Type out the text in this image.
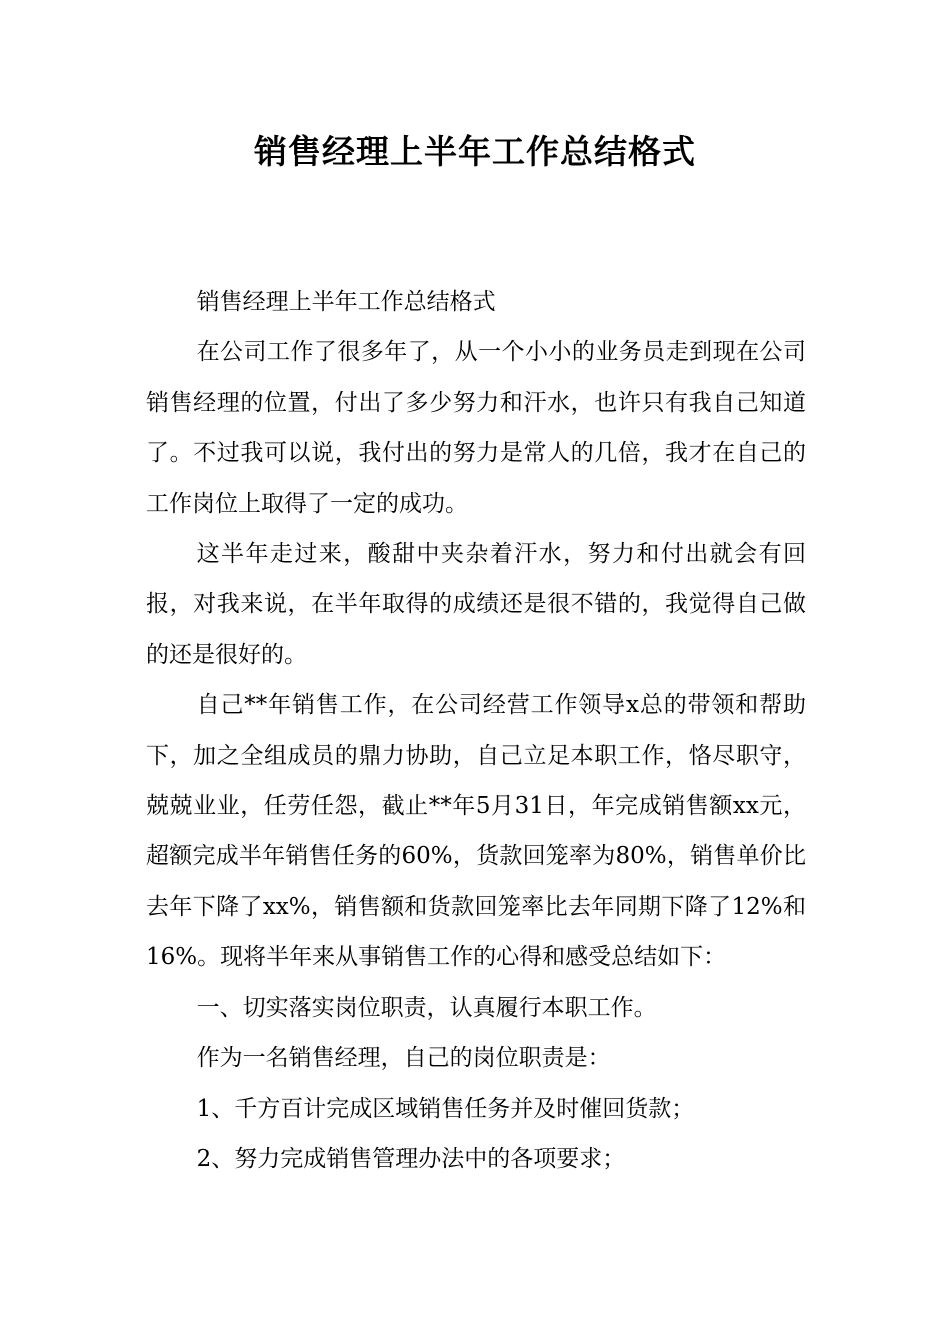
销售经理上半年工作总结格式

销售经理上半年工作总结格式

在公司工作了很多年了，从一个小小的业务员走到现在公司销售经理的位置，付出了多少努力和汗水，也许只有我自己知道了。不过我可以说，我付出的努力是常人的几倍，我才在自己的工作岗位上取得了一定的成功。

这半年走过来，酸甜中夹杂着汗水，努力和付出就会有回报，对我来说，在半年取得的成绩还是很不错的，我觉得自己做的还是很好的。

自己**年销售工作，在公司经营工作领导x总的带领和帮助下，加之全组成员的鼎力协助，自己立足本职工作，恪尽职守，兢兢业业，任劳任怨，截止**年5月31日，年完成销售额xx元，超额完成半年销售任务的60%，货款回笼率为80%，销售单价比去年下降了xx%，销售额和货款回笼率比去年同期下降了12%和16%。现将半年来从事销售工作的心得和感受总结如下：

一、切实落实岗位职责，认真履行本职工作。

作为一名销售经理，自己的岗位职责是：

1、千方百计完成区域销售任务并及时催回货款；

2、努力完成销售管理办法中的各项要求；
